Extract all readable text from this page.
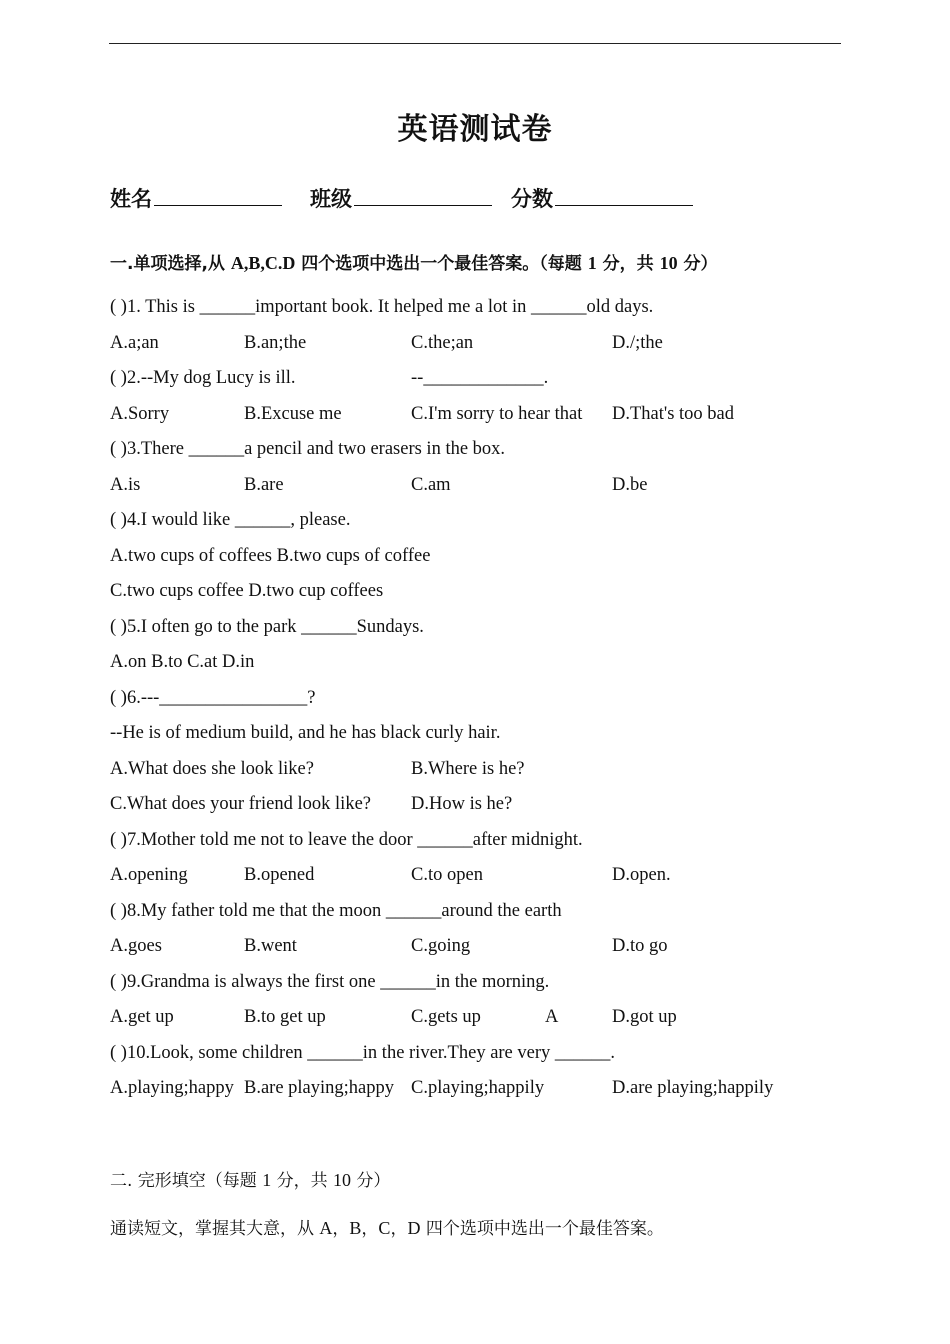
英语测试卷
姓名	班级	分数
一.单项选择,从 A,B,C.D 四个选项中选出一个最佳答案。（每题 1 分，共 10 分）
( )1. This is ______important book. It helped me a lot in ______old days.
A.a;an	B.an;the	C.the;an	D./;the
( )2.--My dog Lucy is ill.	--_____________.
A.Sorry	B.Excuse me	C.I'm sorry to hear that D.That's too bad
( )3.There ______a pencil and two erasers in the box.
A.is	B.are	C.am	D.be
( )4.I would like ______, please.
A.two cups of coffees B.two cups of coffee
C.two cups coffee D.two cup coffees
( )5.I often go to the park ______Sundays.
A.on B.to C.at D.in
( )6.---________________?
--He is of medium build, and he has black curly hair.
A.What does she look like?	B.Where is he?
C.What does your friend look like? D.How is he?
( )7.Mother told me not to leave the door ______after midnight.
A.opening	B.opened	C.to open	D.open.
( )8.My father told me that the moon ______around the earth
A.goes	B.went	C.going	D.to go
( )9.Grandma is always the first one ______in the morning.
A.get up	B.to get up	C.gets up	A	D.got up
( )10.Look, some children ______in the river.They are very ______.
A.playing;happy B.are playing;happy C.playing;happily	D.are playing;happily
二. 完形填空（每题 1 分，共 10 分）
通读短文，掌握其大意，从 A，B，C，D 四个选项中选出一个最佳答案。
